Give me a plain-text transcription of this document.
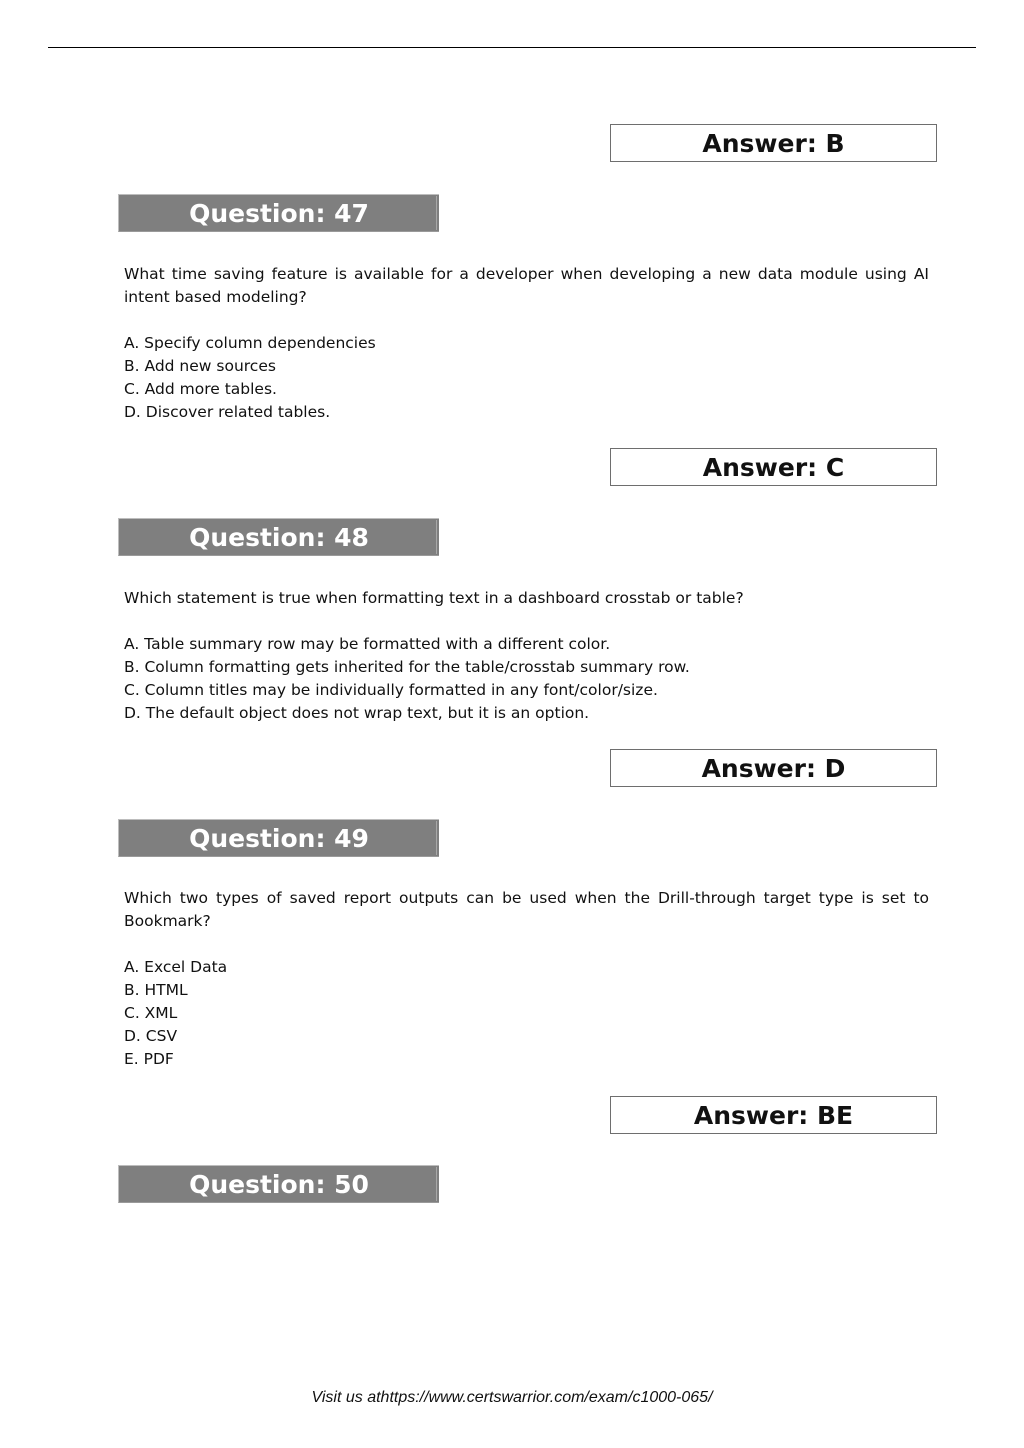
Answer: B
Question: 47

What time saving feature is available for a developer when developing a new data module using AI intent based modeling?

A. Specify column dependencies

B. Add new sources

C. Add more tables.

D. Discover related tables.

Answer: C
Question: 48

Which statement is true when formatting text in a dashboard crosstab or table?

A. Table summary row may be formatted with a different color.

B. Column formatting gets inherited for the table/crosstab summary row.

C. Column titles may be individually formatted in any font/color/size.

D. The default object does not wrap text, but it is an option.

Answer: D
Question: 49

Which two types of saved report outputs can be used when the Drill-through target type is set to Bookmark?

A. Excel Data

B. HTML

C. XML

D. CSV

E. PDF

Answer: BE
Question: 50
Visit us athttps://www.certswarrior.com/exam/c1000-065/
